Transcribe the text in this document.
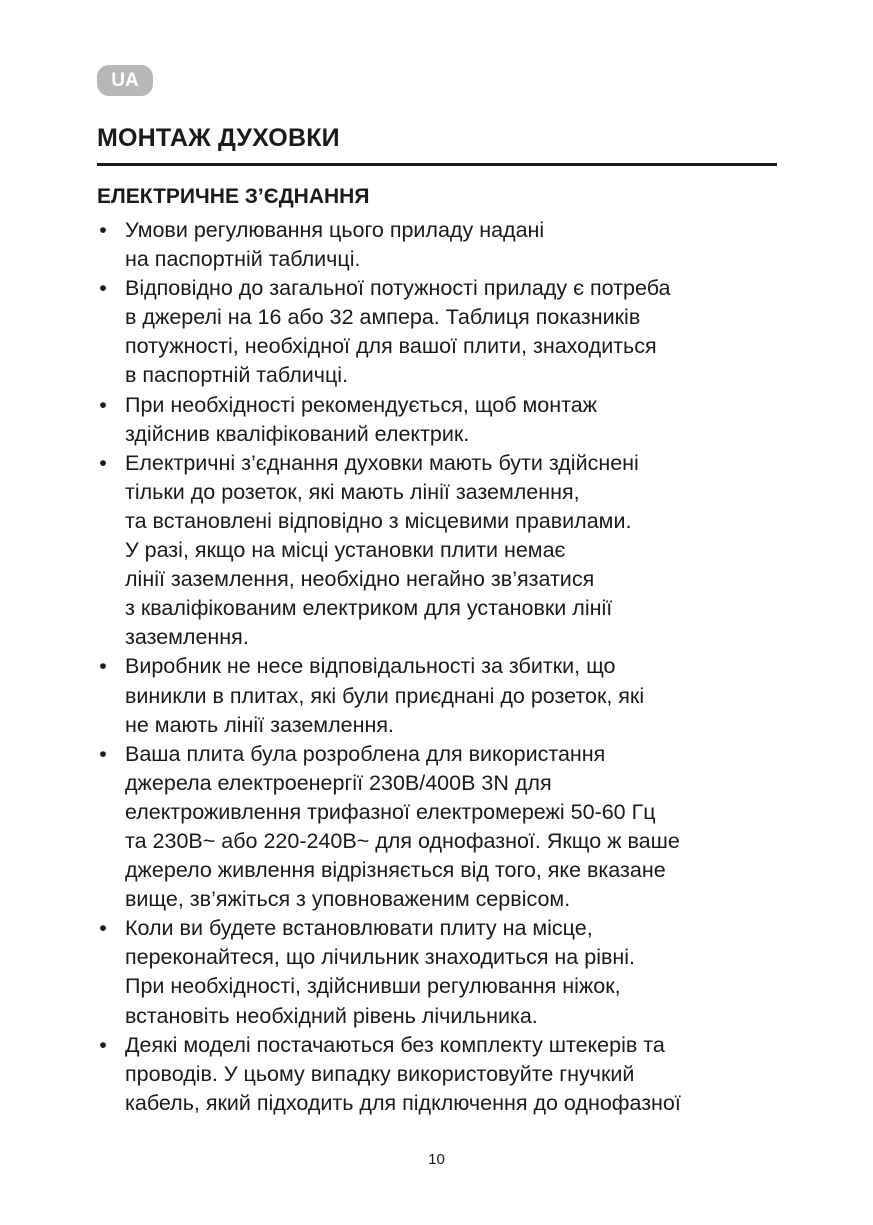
UA
МОНТАЖ ДУХОВКИ
ЕЛЕКТРИЧНЕ З’ЄДНАННЯ
• Умови регулювання цього приладу надані
на паспортній табличці.
• Відповідно до загальної потужності приладу є потреба
в джерелі на 16 або 32 ампера. Таблиця показників
потужності, необхідної для вашої плити, знаходиться
в паспортній табличці.
• При необхідності рекомендується, щоб монтаж
здійснив кваліфікований електрик.
• Електричні з’єднання духовки мають бути здійснені
тільки до розеток, які мають лінії заземлення,
та встановлені відповідно з місцевими правилами.
У разі, якщо на місці установки плити немає
лінії заземлення, необхідно негайно зв’язатися
з кваліфікованим електриком для установки лінії
заземлення.
• Виробник не несе відповідальності за збитки, що
виникли в плитах, які були приєднані до розеток, які
не мають лінії заземлення.
• Ваша плита була розроблена для використання
джерела електроенергії 230В/400В 3N для
електроживлення трифазної електромережі 50-60 Гц
та 230В~ або 220-240В~ для однофазної. Якщо ж ваше
джерело живлення відрізняється від того, яке вказане
вище, зв’яжіться з уповноваженим сервісом.
• Коли ви будете встановлювати плиту на місце,
переконайтеся, що лічильник знаходиться на рівні.
При необхідності, здійснивши регулювання ніжок,
встановіть необхідний рівень лічильника.
• Деякі моделі постачаються без комплекту штекерів та
проводів. У цьому випадку використовуйте гнучкий
кабель, який підходить для підключення до однофазної
10
